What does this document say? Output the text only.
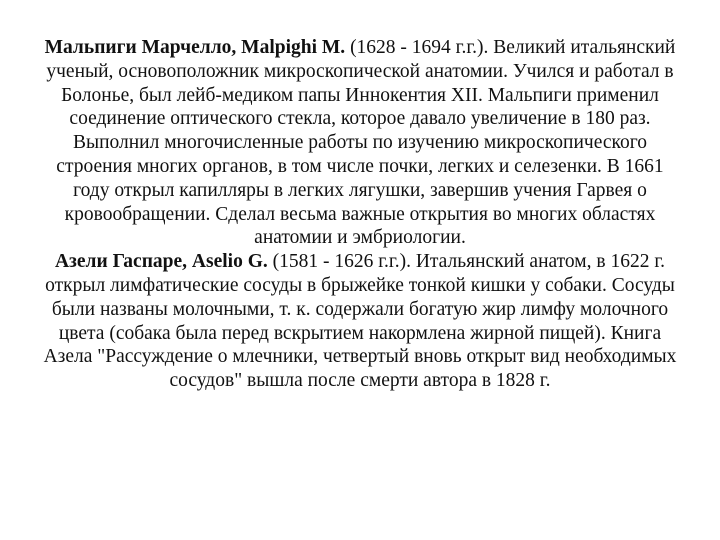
Мальпиги Марчелло, Malpighi M. (1628 - 1694 г.г.). Великий итальянский ученый, основоположник микроскопической анатомии. Учился и работал в Болонье, был лейб-медиком папы Иннокентия XII. Мальпиги применил соединение оптического стекла, которое давало увеличение в 180 раз. Выполнил многочисленные работы по изучению микроскопического строения многих органов, в том числе почки, легких и селезенки. В 1661 году открыл капилляры в легких лягушки, завершив учения Гарвея о кровообращении. Сделал весьма важные открытия во многих областях анатомии и эмбриологии.

Азели Гаспаре, Aselio G. (1581 - 1626 г.г.). Итальянский анатом, в 1622 г. открыл лимфатические сосуды в брыжейке тонкой кишки у собаки. Сосуды были названы молочными, т. к. содержали богатую жир лимфу молочного цвета (собака была перед вскрытием накормлена жирной пищей). Книга Азела "Рассуждение о млечники, четвертый вновь открыт вид необходимых сосудов" вышла после смерти автора в 1828 г.
